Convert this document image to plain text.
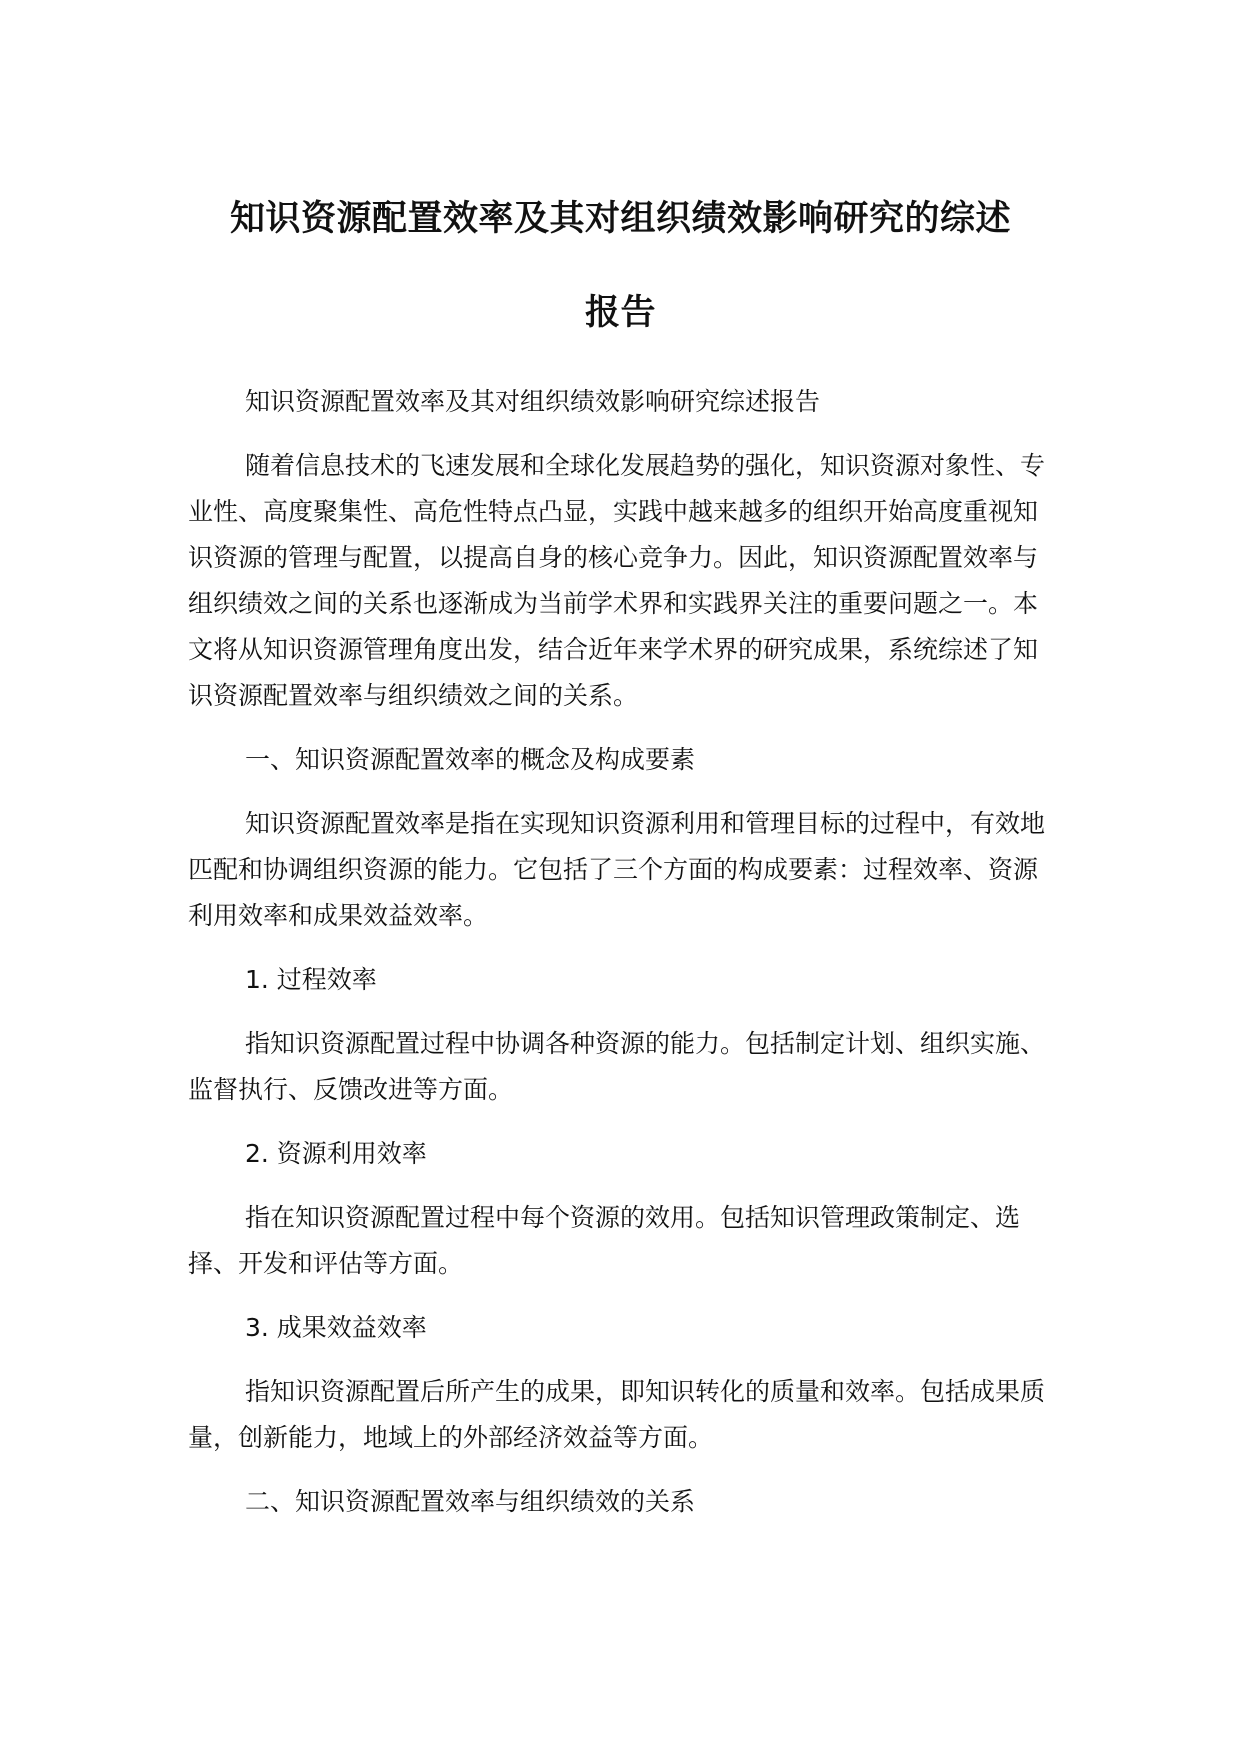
知识资源配置效率及其对组织绩效影响研究的综述
报告

知识资源配置效率及其对组织绩效影响研究综述报告

随着信息技术的飞速发展和全球化发展趋势的强化，知识资源对象性、专业性、高度聚集性、高危性特点凸显，实践中越来越多的组织开始高度重视知识资源的管理与配置，以提高自身的核心竞争力。因此，知识资源配置效率与组织绩效之间的关系也逐渐成为当前学术界和实践界关注的重要问题之一。本文将从知识资源管理角度出发，结合近年来学术界的研究成果，系统综述了知识资源配置效率与组织绩效之间的关系。

一、知识资源配置效率的概念及构成要素

知识资源配置效率是指在实现知识资源利用和管理目标的过程中，有效地匹配和协调组织资源的能力。它包括了三个方面的构成要素：过程效率、资源利用效率和成果效益效率。

1. 过程效率

指知识资源配置过程中协调各种资源的能力。包括制定计划、组织实施、监督执行、反馈改进等方面。

2. 资源利用效率

指在知识资源配置过程中每个资源的效用。包括知识管理政策制定、选择、开发和评估等方面。

3. 成果效益效率

指知识资源配置后所产生的成果，即知识转化的质量和效率。包括成果质量，创新能力，地域上的外部经济效益等方面。

二、知识资源配置效率与组织绩效的关系
